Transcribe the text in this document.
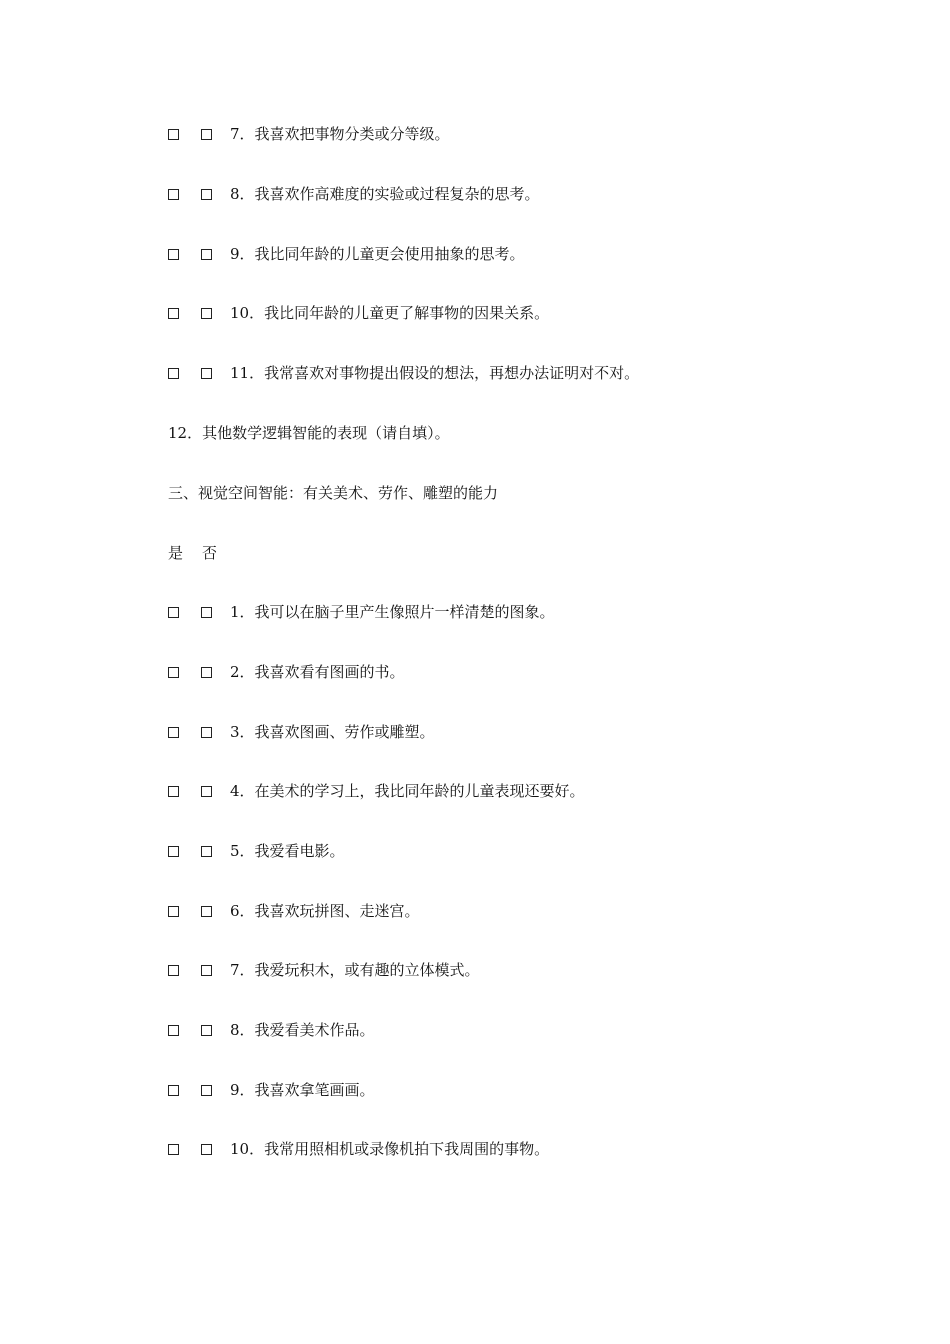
7．我喜欢把事物分类或分等级。
8．我喜欢作高难度的实验或过程复杂的思考。
9．我比同年龄的儿童更会使用抽象的思考。
10．我比同年龄的儿童更了解事物的因果关系。
11．我常喜欢对事物提出假设的想法，再想办法证明对不对。
12．其他数学逻辑智能的表现（请自填）。
三、视觉空间智能：有关美术、劳作、雕塑的能力
是 否
1．我可以在脑子里产生像照片一样清楚的图象。
2．我喜欢看有图画的书。
3．我喜欢图画、劳作或雕塑。
4．在美术的学习上，我比同年龄的儿童表现还要好。
5．我爱看电影。
6．我喜欢玩拼图、走迷宫。
7．我爱玩积木，或有趣的立体模式。
8．我爱看美术作品。
9．我喜欢拿笔画画。
10．我常用照相机或录像机拍下我周围的事物。
